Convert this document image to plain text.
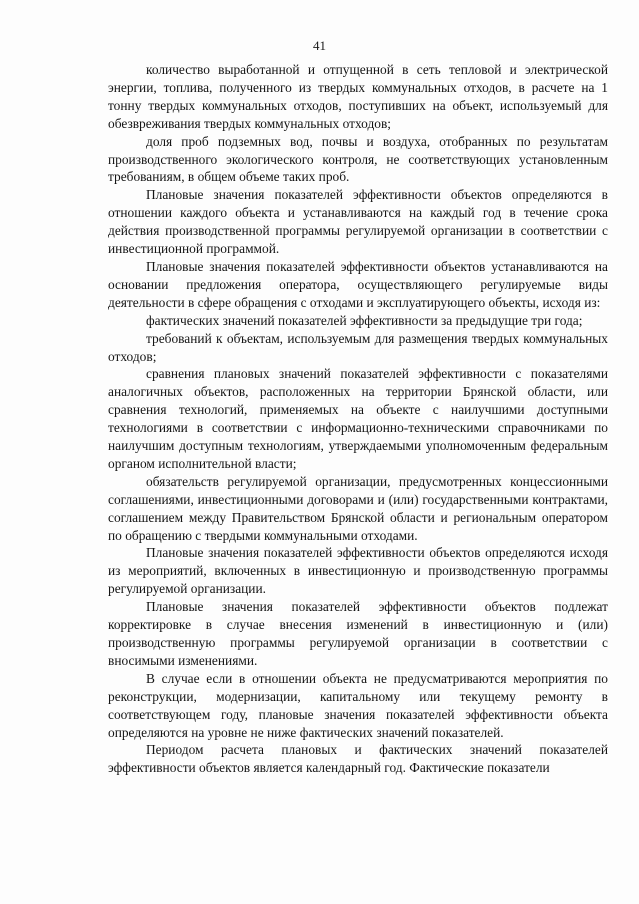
41

количество выработанной и отпущенной в сеть тепловой и электрической энергии, топлива, полученного из твердых коммунальных отходов, в расчете на 1 тонну твердых коммунальных отходов, поступивших на объект, используемый для обезвреживания твердых коммунальных отходов;

доля проб подземных вод, почвы и воздуха, отобранных по результатам производственного экологического контроля, не соответствующих установленным требованиям, в общем объеме таких проб.

Плановые значения показателей эффективности объектов определяются в отношении каждого объекта и устанавливаются на каждый год в течение срока действия производственной программы регулируемой организации в соответствии с инвестиционной программой.

Плановые значения показателей эффективности объектов устанавливаются на основании предложения оператора, осуществляющего регулируемые виды деятельности в сфере обращения с отходами и эксплуатирующего объекты, исходя из:

фактических значений показателей эффективности за предыдущие три года;

требований к объектам, используемым для размещения твердых коммунальных отходов;

сравнения плановых значений показателей эффективности с показателями аналогичных объектов, расположенных на территории Брянской области, или сравнения технологий, применяемых на объекте с наилучшими доступными технологиями в соответствии с информационно-техническими справочниками по наилучшим доступным технологиям, утверждаемыми уполномоченным федеральным органом исполнительной власти;

обязательств регулируемой организации, предусмотренных концессионными соглашениями, инвестиционными договорами и (или) государственными контрактами, соглашением между Правительством Брянской области и региональным оператором по обращению с твердыми коммунальными отходами.

Плановые значения показателей эффективности объектов определяются исходя из мероприятий, включенных в инвестиционную и производственную программы регулируемой организации.

Плановые значения показателей эффективности объектов подлежат корректировке в случае внесения изменений в инвестиционную и (или) производственную программы регулируемой организации в соответствии с вносимыми изменениями.

В случае если в отношении объекта не предусматриваются мероприятия по реконструкции, модернизации, капитальному или текущему ремонту в соответствующем году, плановые значения показателей эффективности объекта определяются на уровне не ниже фактических значений показателей.

Периодом расчета плановых и фактических значений показателей эффективности объектов является календарный год. Фактические показатели
